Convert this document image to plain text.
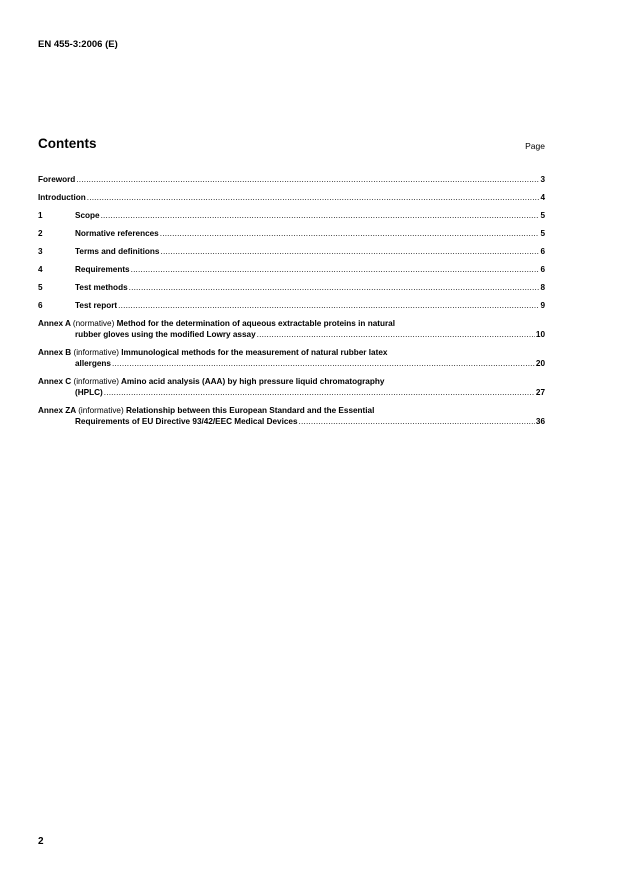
EN 455-3:2006 (E)
Contents	Page
Foreword .....	3
Introduction .....	4
1	Scope .....	5
2	Normative references .....	5
3	Terms and definitions .....	6
4	Requirements .....	6
5	Test methods .....	8
6	Test report .....	9
Annex A (normative) Method for the determination of aqueous extractable proteins in natural
rubber gloves using the modified Lowry assay .....	10
Annex B (informative) Immunological methods for the measurement of natural rubber latex
allergens .....	20
Annex C (informative) Amino acid analysis (AAA) by high pressure liquid chromatography
(HPLC) .....	27
Annex ZA (informative) Relationship between this European Standard and the Essential
Requirements of EU Directive 93/42/EEC Medical Devices .....	36
2
